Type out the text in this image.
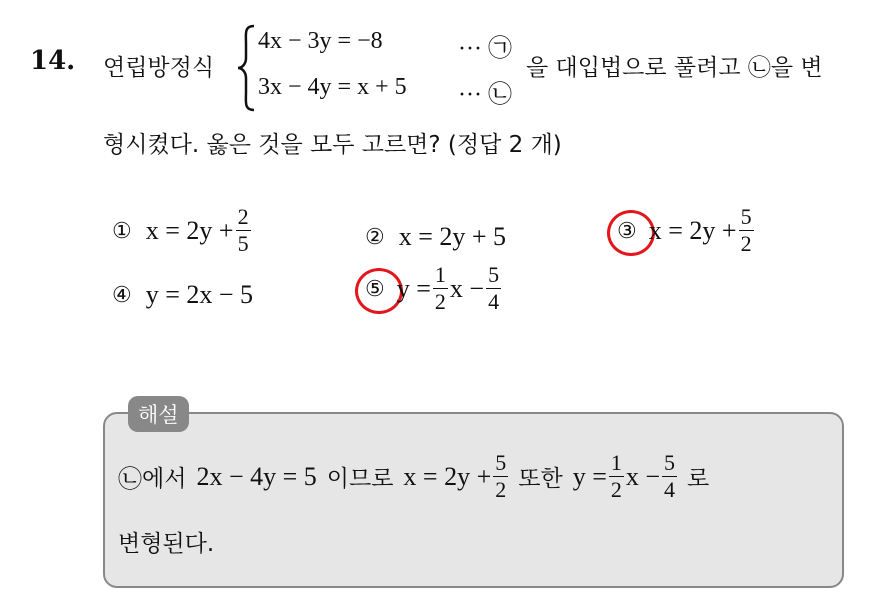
14. 연립방정식
4x − 3y = −8	··· ㉠
3x − 4y = x + 5 ··· ㉡
을 대입법으로 풀려고 ㉡을 변
형시켰다. 옳은 것을 모두 고르면? (정답 2 개)
① $x = 2y + \frac{2}{5}$	② x = 2y + 5	③ $x = 2y + \frac{5}{2}$
④ y = 2x − 5	⑤ $y = \frac{1}{2}$ $x - \frac{5}{4}$
해설
㉡ 에서 2x − 4y = 5 이므로 $x = 2y + \frac{5}{2}$ 또한 $y = \frac{1}{2}$ $x - \frac{5}{4}$ 로
변형된다.
